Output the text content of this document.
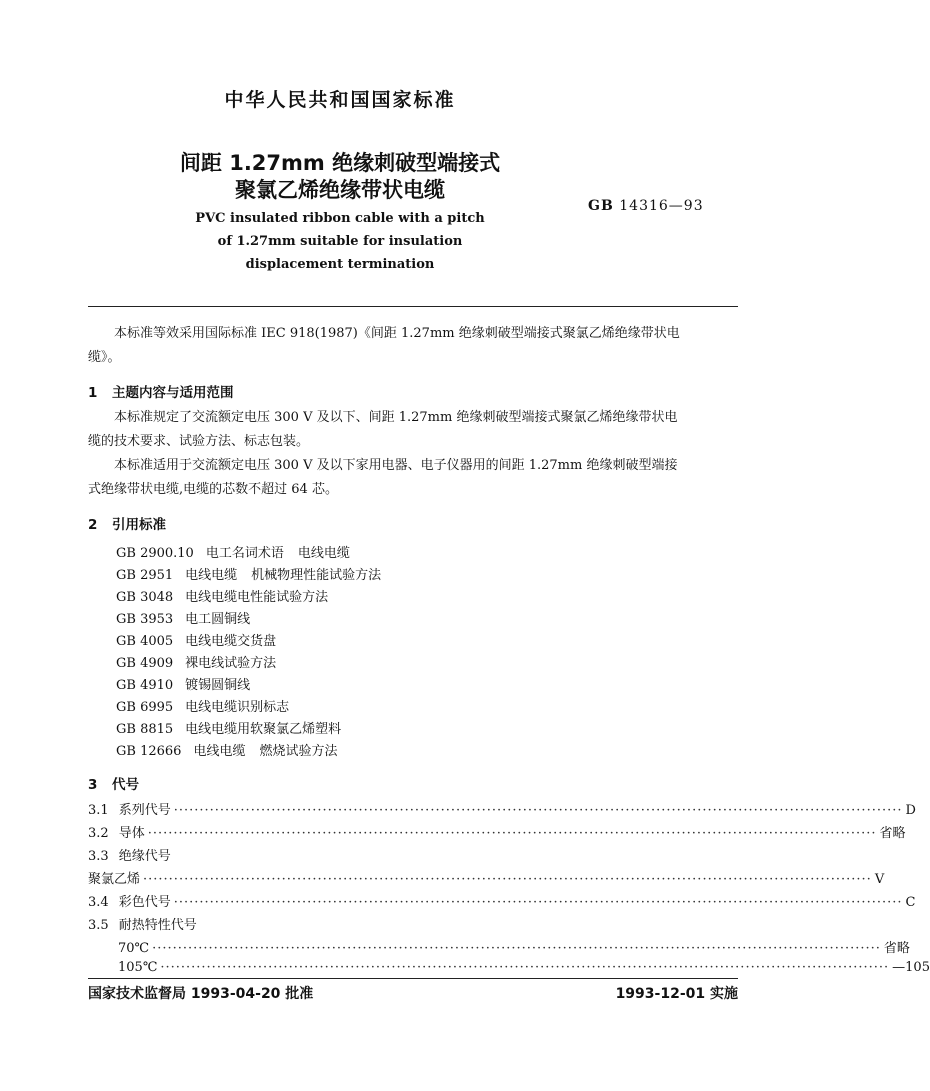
中华人民共和国国家标准
间距 1.27mm 绝缘刺破型端接式
聚氯乙烯绝缘带状电缆
PVC insulated ribbon cable with a pitch
of 1.27mm suitable for insulation
displacement termination
GB 14316—93
本标准等效采用国际标准 IEC 918(1987)《间距 1.27mm 绝缘刺破型端接式聚氯乙烯绝缘带状电
缆》。
1 主题内容与适用范围
本标准规定了交流额定电压 300 V 及以下、间距 1.27mm 绝缘刺破型端接式聚氯乙烯绝缘带状电
缆的技术要求、试验方法、标志包装。
本标准适用于交流额定电压 300 V 及以下家用电器、电子仪器用的间距 1.27mm 绝缘刺破型端接
式绝缘带状电缆,电缆的芯数不超过 64 芯。
2 引用标准
GB 2900.10 电工名词术语 电线电缆
GB 2951 电线电缆 机械物理性能试验方法
GB 3048 电线电缆电性能试验方法
GB 3953 电工圆铜线
GB 4005 电线电缆交货盘
GB 4909 裸电线试验方法
GB 4910 镀锡圆铜线
GB 6995 电线电缆识别标志
GB 8815 电线电缆用软聚氯乙烯塑料
GB 12666 电线电缆 燃烧试验方法
3 代号
3.1 系列代号 ·············································································································································· D
3.2 导体 ·············································································································································· 省略
3.3 绝缘代号
聚氯乙烯 ·············································································································································· V
3.4 彩色代号 ·············································································································································· C
3.5 耐热特性代号
70℃ ·············································································································································· 省略
105℃ ·············································································································································· —105
国家技术监督局 1993-04-20 批准	1993-12-01 实施
